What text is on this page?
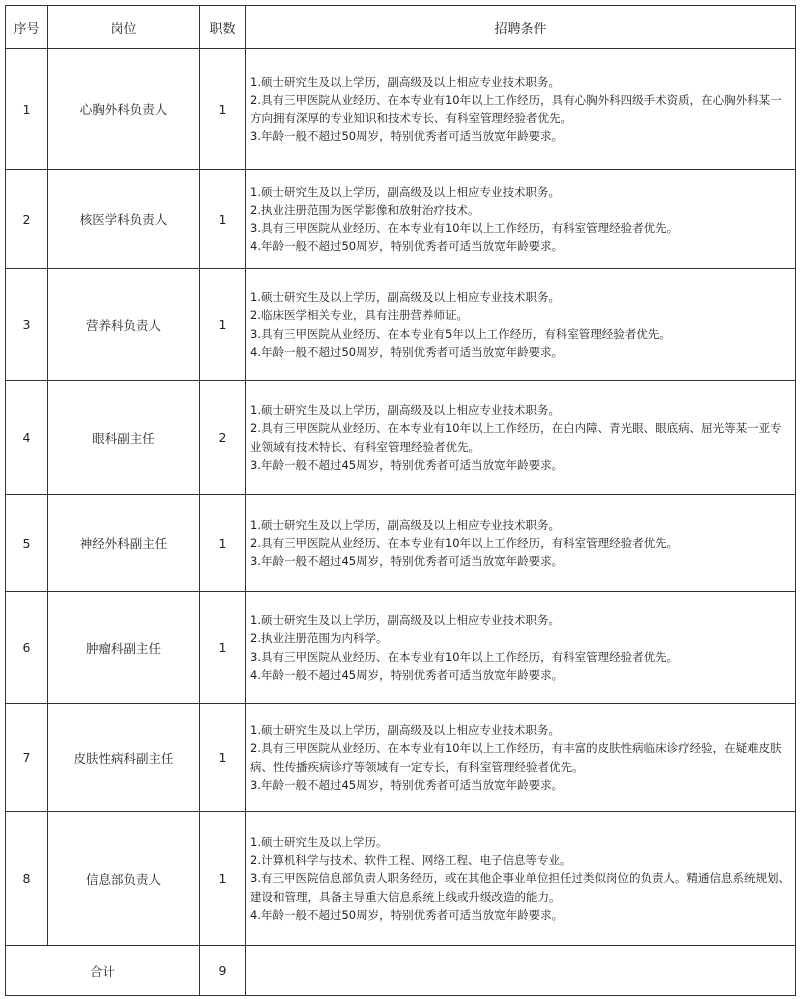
序号	岗位	职数	招聘条件
1	心胸外科负责人	1	1.硕士研究生及以上学历，副高级及以上相应专业技术职务。
2.具有三甲医院从业经历、在本专业有10年以上工作经历，具有心胸外科四级手术资质，在心胸外科某一方向拥有深厚的专业知识和技术专长、有科室管理经验者优先。
3.年龄一般不超过50周岁，特别优秀者可适当放宽年龄要求。

2	核医学科负责人	1	1.硕士研究生及以上学历，副高级及以上相应专业技术职务。
2.执业注册范围为医学影像和放射治疗技术。
3.具有三甲医院从业经历、在本专业有10年以上工作经历，有科室管理经验者优先。
4.年龄一般不超过50周岁，特别优秀者可适当放宽年龄要求。

3	营养科负责人	1	1.硕士研究生及以上学历，副高级及以上相应专业技术职务。
2.临床医学相关专业，具有注册营养师证。
3.具有三甲医院从业经历、在本专业有5年以上工作经历，有科室管理经验者优先。
4.年龄一般不超过50周岁，特别优秀者可适当放宽年龄要求。

4	眼科副主任	2	1.硕士研究生及以上学历，副高级及以上相应专业技术职务。
2.具有三甲医院从业经历、在本专业有10年以上工作经历，在白内障、青光眼、眼底病、屈光等某一亚专业领域有技术特长、有科室管理经验者优先。
3.年龄一般不超过45周岁，特别优秀者可适当放宽年龄要求。

5	神经外科副主任	1	1.硕士研究生及以上学历，副高级及以上相应专业技术职务。
2.具有三甲医院从业经历、在本专业有10年以上工作经历，有科室管理经验者优先。
3.年龄一般不超过45周岁，特别优秀者可适当放宽年龄要求。

6	肿瘤科副主任	1	1.硕士研究生及以上学历，副高级及以上相应专业技术职务。
2.执业注册范围为内科学。
3.具有三甲医院从业经历、在本专业有10年以上工作经历，有科室管理经验者优先。
4.年龄一般不超过45周岁，特别优秀者可适当放宽年龄要求。

7	皮肤性病科副主任	1	1.硕士研究生及以上学历，副高级及以上相应专业技术职务。
2.具有三甲医院从业经历、在本专业有10年以上工作经历，有丰富的皮肤性病临床诊疗经验，在疑难皮肤病、性传播疾病诊疗等领域有一定专长，有科室管理经验者优先。
3.年龄一般不超过45周岁，特别优秀者可适当放宽年龄要求。

8	信息部负责人	1	1.硕士研究生及以上学历。
2.计算机科学与技术、软件工程、网络工程、电子信息等专业。
3.有三甲医院信息部负责人职务经历，或在其他企事业单位担任过类似岗位的负责人。精通信息系统规划、建设和管理，具备主导重大信息系统上线或升级改造的能力。
4.年龄一般不超过50周岁，特别优秀者可适当放宽年龄要求。

合计		9	
